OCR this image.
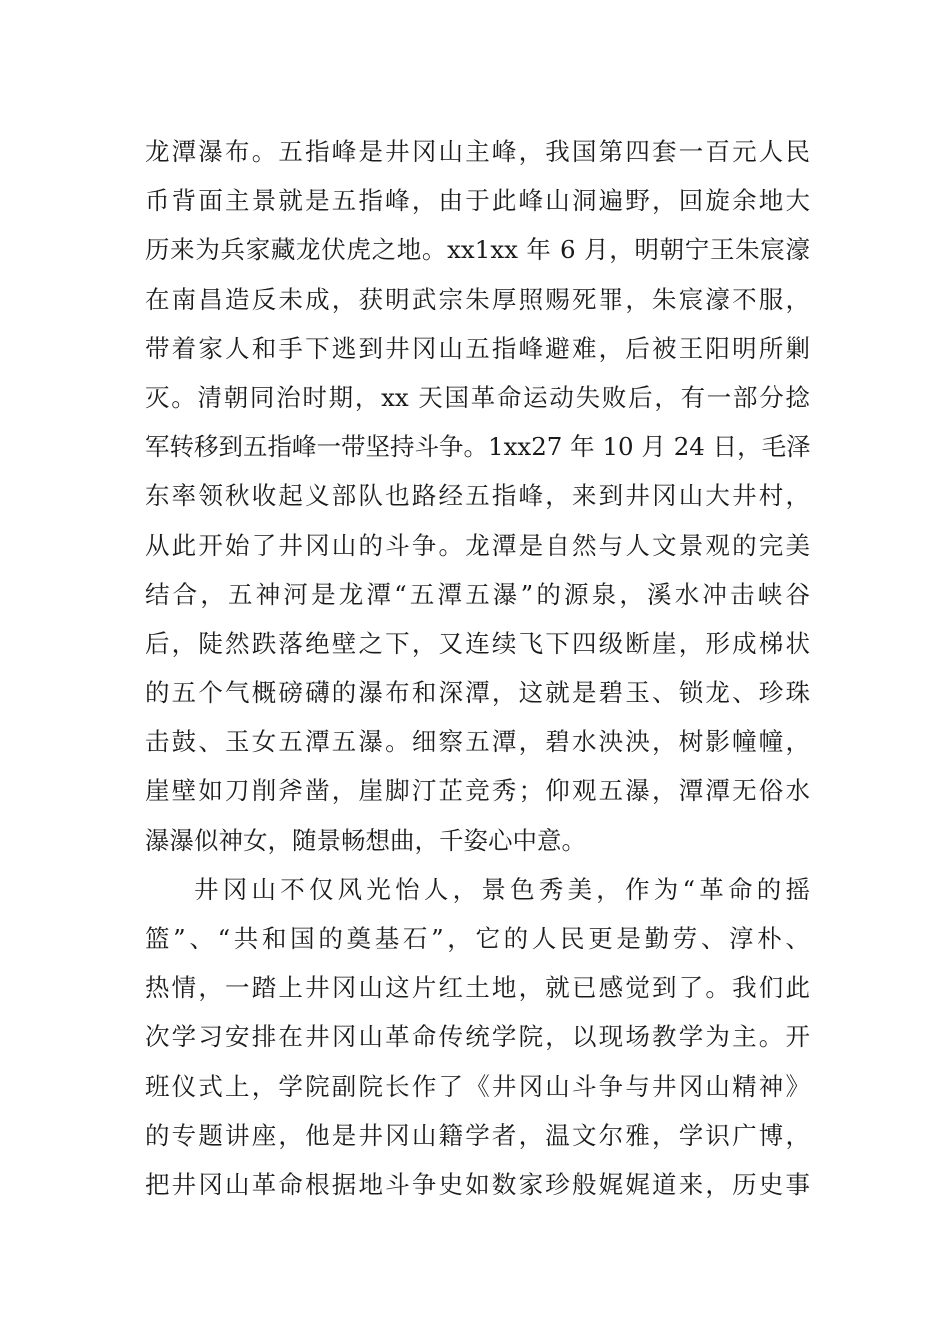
龙潭瀑布。五指峰是井冈山主峰，我国第四套一百元人民
币背面主景就是五指峰，由于此峰山洞遍野，回旋余地大
历来为兵家藏龙伏虎之地。xx1xx 年 6 月，明朝宁王朱宸濠
在南昌造反未成，获明武宗朱厚照赐死罪，朱宸濠不服，
带着家人和手下逃到井冈山五指峰避难，后被王阳明所剿
灭。清朝同治时期，xx 天国革命运动失败后，有一部分捻
军转移到五指峰一带坚持斗争。1xx27 年 10 月 24 日，毛泽
东率领秋收起义部队也路经五指峰，来到井冈山大井村，
从此开始了井冈山的斗争。龙潭是自然与人文景观的完美
结合，五神河是龙潭“五潭五瀑”的源泉，溪水冲击峡谷
后，陡然跌落绝壁之下，又连续飞下四级断崖，形成梯状
的五个气概磅礴的瀑布和深潭，这就是碧玉、锁龙、珍珠
击鼓、玉女五潭五瀑。细察五潭，碧水泱泱，树影幢幢，
崖壁如刀削斧凿，崖脚汀芷竞秀；仰观五瀑，潭潭无俗水
瀑瀑似神女，随景畅想曲，千姿心中意。
井冈山不仅风光怡人，景色秀美，作为“革命的摇
篮”、“共和国的奠基石”，它的人民更是勤劳、淳朴、
热情，一踏上井冈山这片红土地，就已感觉到了。我们此
次学习安排在井冈山革命传统学院，以现场教学为主。开
班仪式上，学院副院长作了《井冈山斗争与井冈山精神》
的专题讲座，他是井冈山籍学者，温文尔雅，学识广博，
把井冈山革命根据地斗争史如数家珍般娓娓道来，历史事
